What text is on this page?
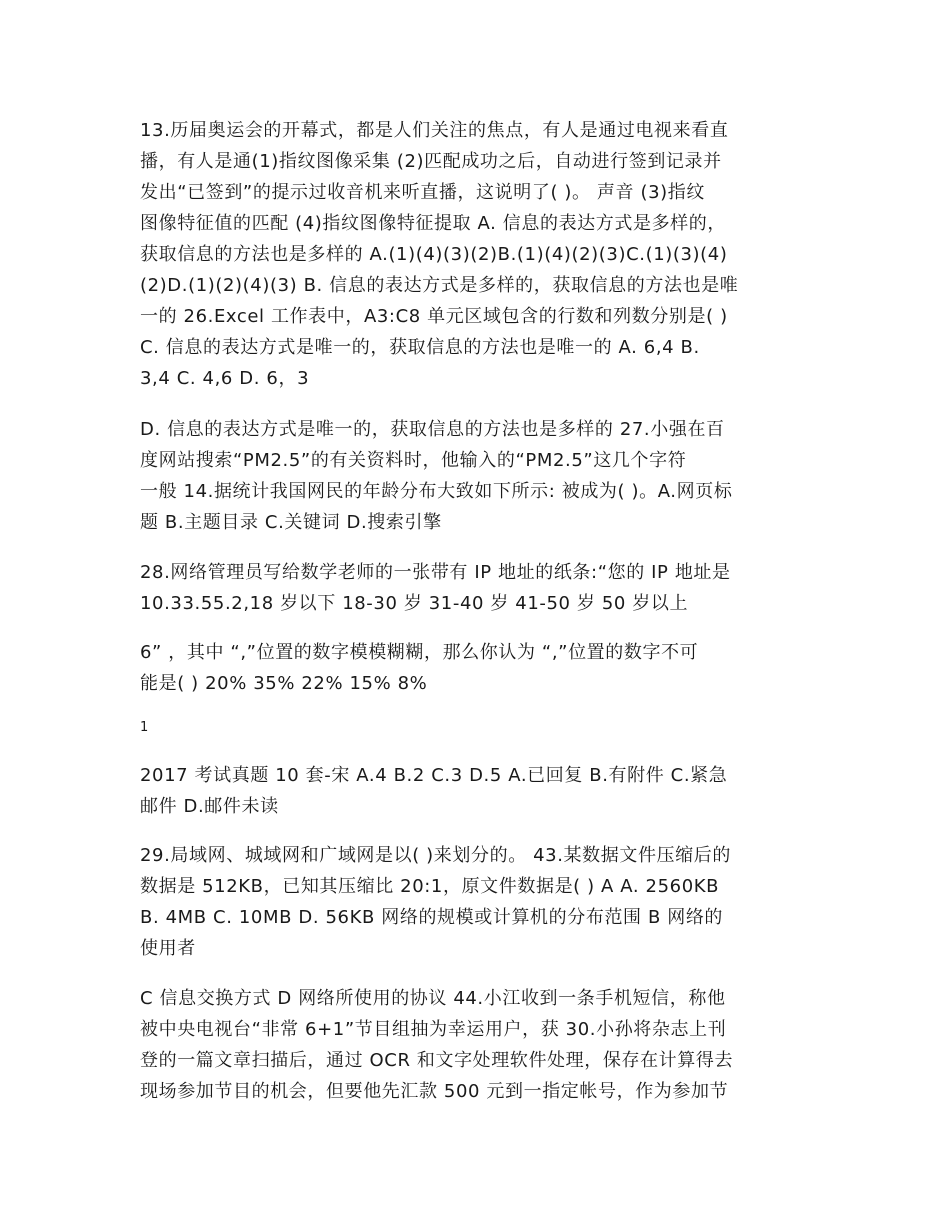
13.历届奥运会的开幕式，都是人们关注的焦点，有人是通过电视来看直
播，有人是通(1)指纹图像采集 (2)匹配成功之后，自动进行签到记录并
发出“已签到”的提示过收音机来听直播，这说明了( )。 声音 (3)指纹
图像特征值的匹配 (4)指纹图像特征提取 A. 信息的表达方式是多样的，
获取信息的方法也是多样的 A.(1)(4)(3)(2)B.(1)(4)(2)(3)C.(1)(3)(4)
(2)D.(1)(2)(4)(3) B. 信息的表达方式是多样的，获取信息的方法也是唯
一的 26.Excel 工作表中，A3:C8 单元区域包含的行数和列数分别是( )
C. 信息的表达方式是唯一的，获取信息的方法也是唯一的 A. 6,4 B.
3,4 C. 4,6 D. 6，3
D. 信息的表达方式是唯一的，获取信息的方法也是多样的 27.小强在百
度网站搜索“PM2.5”的有关资料时，他输入的“PM2.5”这几个字符
一般 14.据统计我国网民的年龄分布大致如下所示: 被成为( )。A.网页标
题 B.主题目录 C.关键词 D.搜索引擎
28.网络管理员写给数学老师的一张带有 IP 地址的纸条:“您的 IP 地址是
10.33.55.2,18 岁以下 18-30 岁 31-40 岁 41-50 岁 50 岁以上
6” ，其中 “,”位置的数字模模糊糊，那么你认为 “,”位置的数字不可
能是( ) 20% 35% 22% 15% 8%
1
2017 考试真题 10 套-宋 A.4 B.2 C.3 D.5 A.已回复 B.有附件 C.紧急
邮件 D.邮件未读
29.局域网、城域网和广域网是以( )来划分的。 43.某数据文件压缩后的
数据是 512KB，已知其压缩比 20:1，原文件数据是( ) A A. 2560KB
B. 4MB C. 10MB D. 56KB 网络的规模或计算机的分布范围 B 网络的
使用者
C 信息交换方式 D 网络所使用的协议 44.小江收到一条手机短信，称他
被中央电视台“非常 6+1”节目组抽为幸运用户，获 30.小孙将杂志上刊
登的一篇文章扫描后，通过 OCR 和文字处理软件处理，保存在计算得去
现场参加节目的机会，但要他先汇款 500 元到一指定帐号，作为参加节
